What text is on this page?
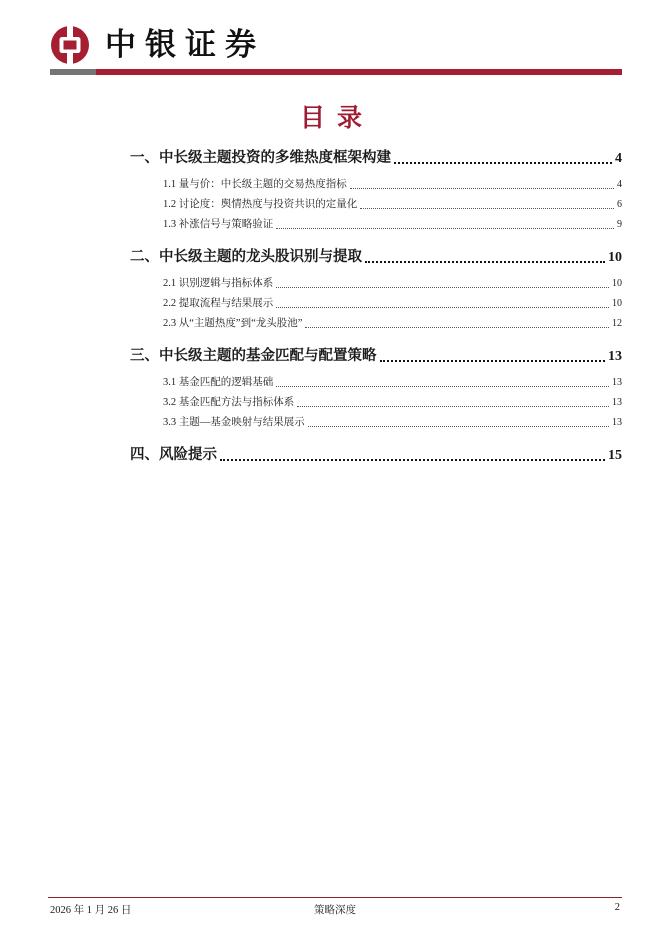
中银证券
目录
一、中长级主题投资的多维热度框架构建	4
1.1 量与价：中长级主题的交易热度指标	4
1.2 讨论度：舆情热度与投资共识的定量化	6
1.3 补涨信号与策略验证	9
二、中长级主题的龙头股识别与提取	10
2.1 识别逻辑与指标体系	10
2.2 提取流程与结果展示	10
2.3 从“主题热度”到“龙头股池”	12
三、中长级主题的基金匹配与配置策略	13
3.1 基金匹配的逻辑基础	13
3.2 基金匹配方法与指标体系	13
3.3 主题—基金映射与结果展示	13
四、风险提示	15
2026 年 1 月 26 日	策略深度	2
